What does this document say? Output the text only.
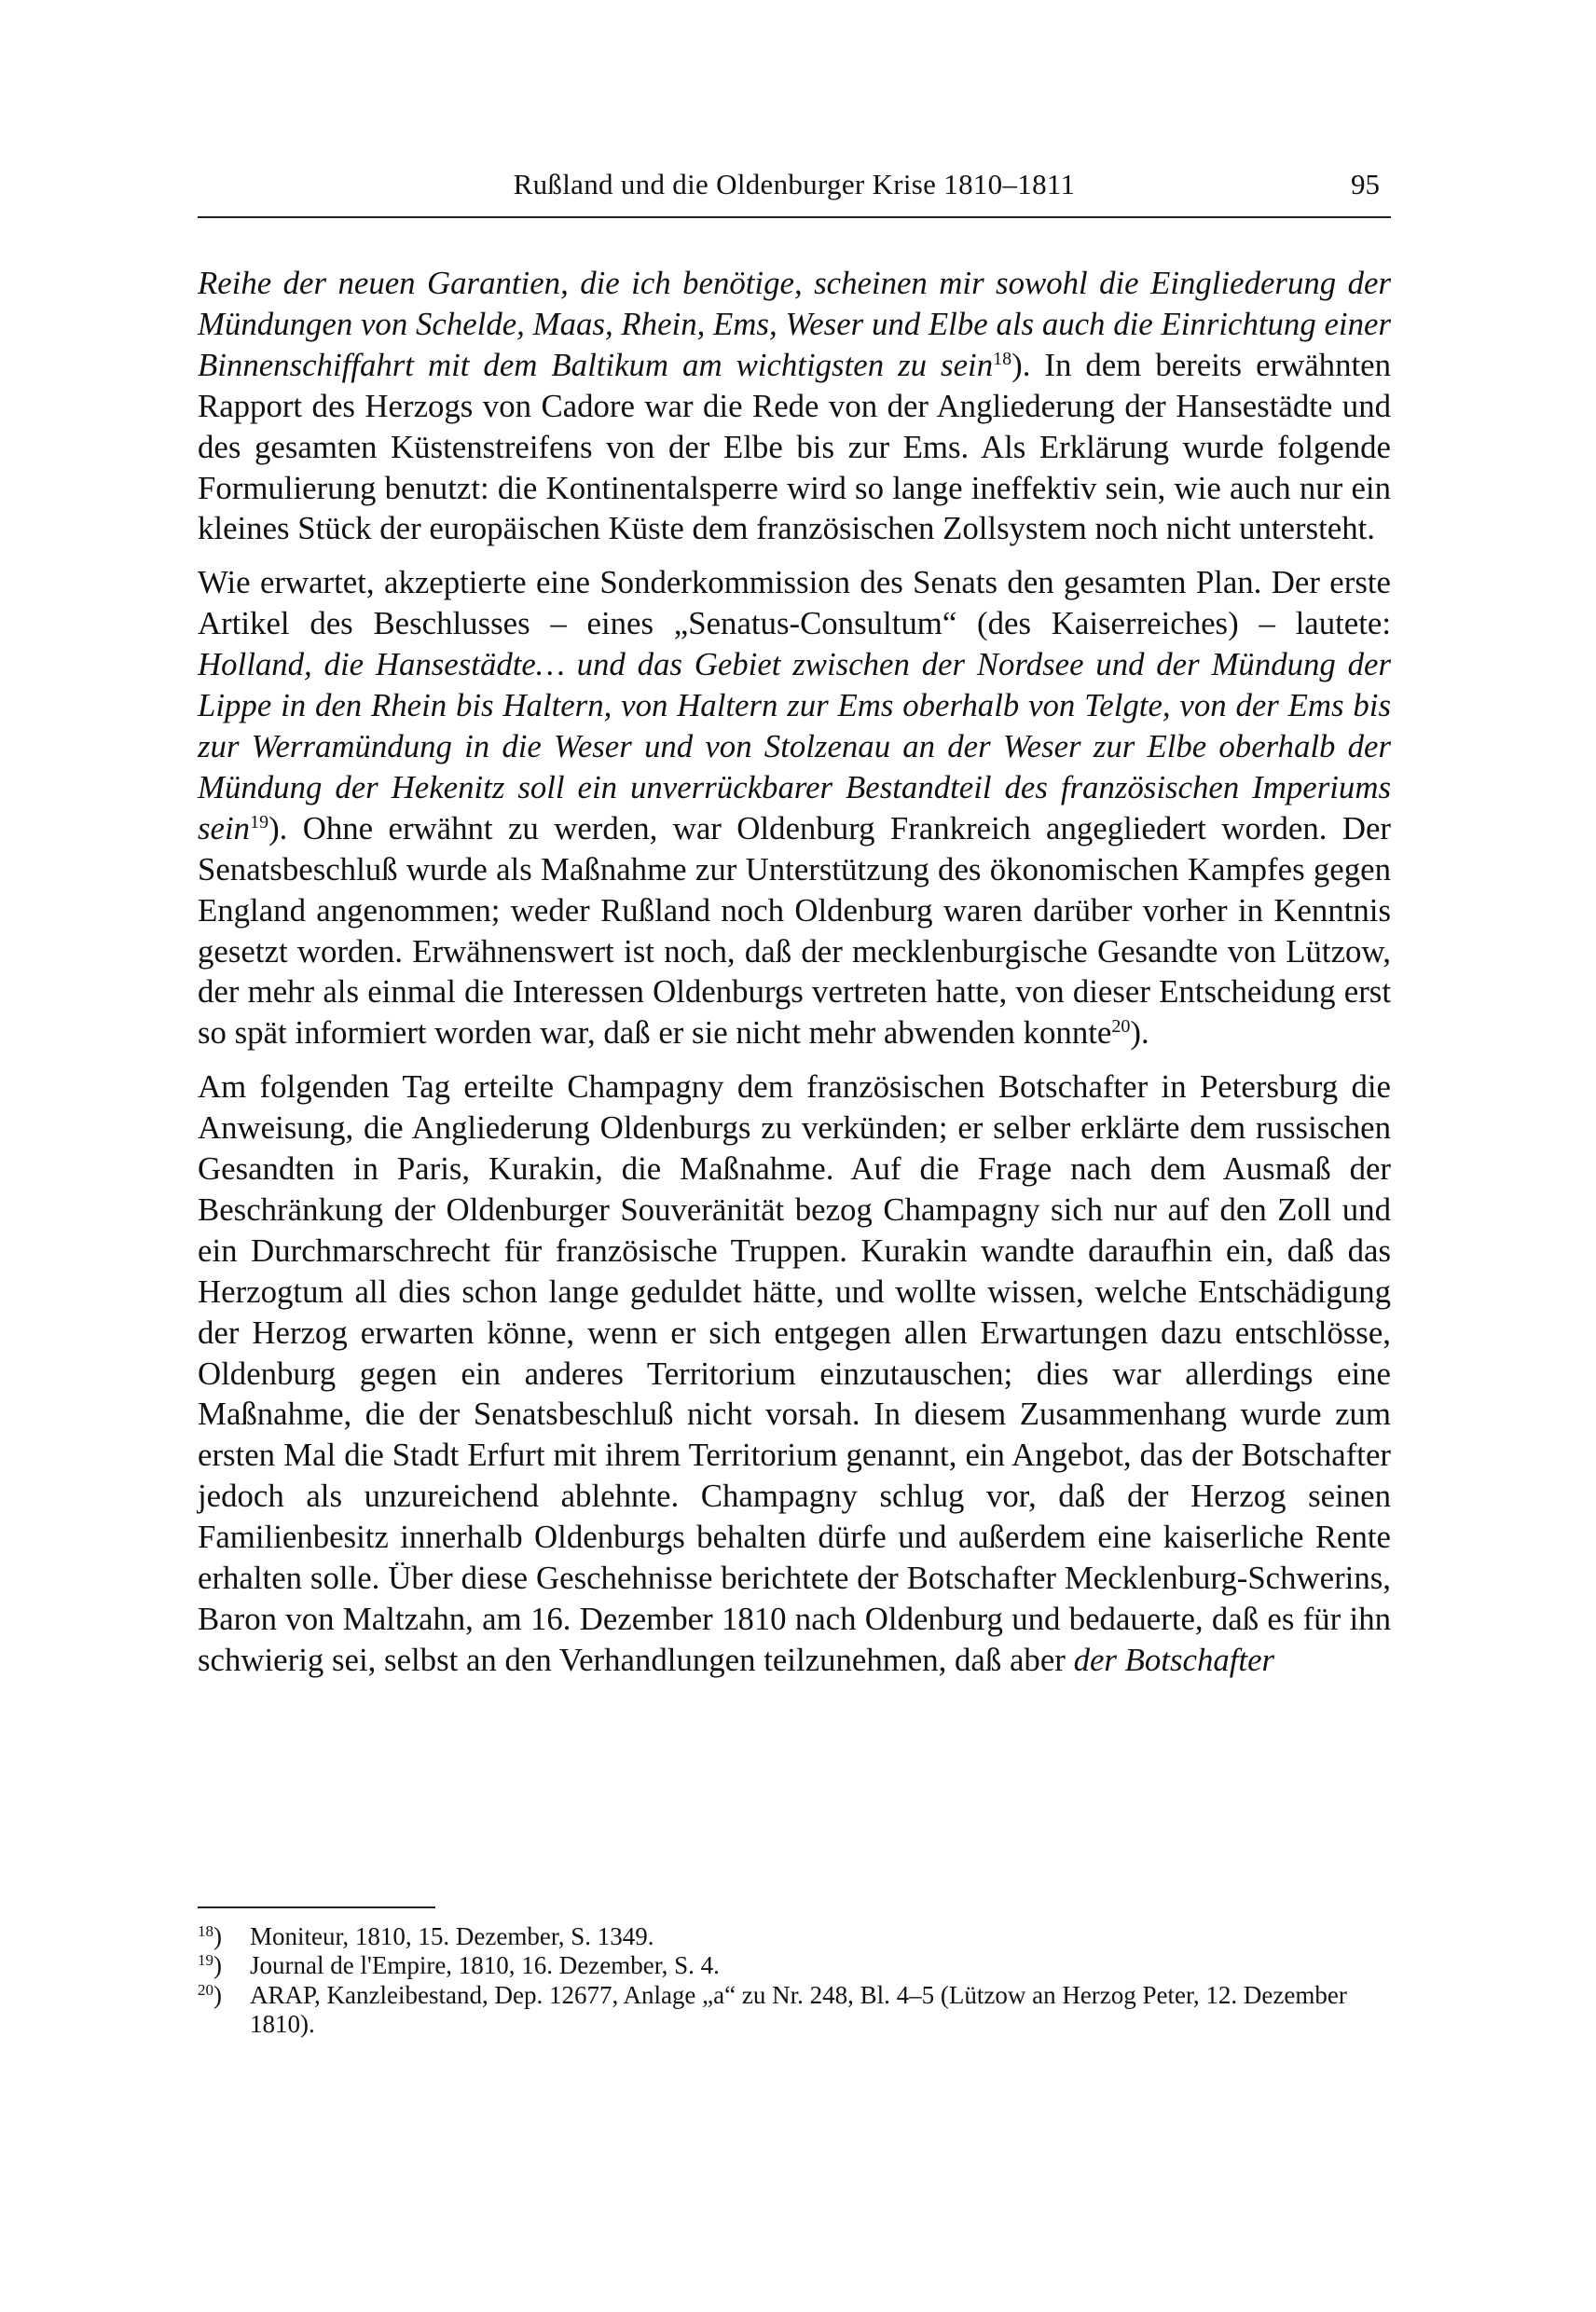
Rußland und die Oldenburger Krise 1810–1811	95

Reihe der neuen Garantien, die ich benötige, scheinen mir sowohl die Eingliederung der Mündungen von Schelde, Maas, Rhein, Ems, Weser und Elbe als auch die Einrichtung einer Binnenschiffahrt mit dem Baltikum am wichtigsten zu sein$^{18}$). In dem bereits erwähnten Rapport des Herzogs von Cadore war die Rede von der Angliederung der Hansestädte und des gesamten Küstenstreifens von der Elbe bis zur Ems. Als Erklärung wurde folgende Formulierung benutzt: die Kontinentalsperre wird so lange ineffektiv sein, wie auch nur ein kleines Stück der europäischen Küste dem französischen Zollsystem noch nicht untersteht.

Wie erwartet, akzeptierte eine Sonderkommission des Senats den gesamten Plan. Der erste Artikel des Beschlusses – eines „Senatus-Consultum“ (des Kaiserreiches) – lautete: Holland, die Hansestädte… und das Gebiet zwischen der Nordsee und der Mündung der Lippe in den Rhein bis Haltern, von Haltern zur Ems oberhalb von Telgte, von der Ems bis zur Werramündung in die Weser und von Stolzenau an der Weser zur Elbe oberhalb der Mündung der Hekenitz soll ein unverrückbarer Bestandteil des französischen Imperiums sein$^{19}$). Ohne erwähnt zu werden, war Oldenburg Frankreich angegliedert worden. Der Senatsbeschluß wurde als Maßnahme zur Unterstützung des ökonomischen Kampfes gegen England angenommen; weder Rußland noch Oldenburg waren darüber vorher in Kenntnis gesetzt worden. Erwähnenswert ist noch, daß der mecklenburgische Gesandte von Lützow, der mehr als einmal die Interessen Oldenburgs vertreten hatte, von dieser Entscheidung erst so spät informiert worden war, daß er sie nicht mehr abwenden konnte$^{20}$).

Am folgenden Tag erteilte Champagny dem französischen Botschafter in Petersburg die Anweisung, die Angliederung Oldenburgs zu verkünden; er selber erklärte dem russischen Gesandten in Paris, Kurakin, die Maßnahme. Auf die Frage nach dem Ausmaß der Beschränkung der Oldenburger Souveränität bezog Champagny sich nur auf den Zoll und ein Durchmarschrecht für französische Truppen. Kurakin wandte daraufhin ein, daß das Herzogtum all dies schon lange geduldet hätte, und wollte wissen, welche Entschädigung der Herzog erwarten könne, wenn er sich entgegen allen Erwartungen dazu entschlösse, Oldenburg gegen ein anderes Territorium einzutauschen; dies war allerdings eine Maßnahme, die der Senatsbeschluß nicht vorsah. In diesem Zusammenhang wurde zum ersten Mal die Stadt Erfurt mit ihrem Territorium genannt, ein Angebot, das der Botschafter jedoch als unzureichend ablehnte. Champagny schlug vor, daß der Herzog seinen Familienbesitz innerhalb Oldenburgs behalten dürfe und außerdem eine kaiserliche Rente erhalten solle. Über diese Geschehnisse berichtete der Botschafter Mecklenburg-Schwerins, Baron von Maltzahn, am 16. Dezember 1810 nach Oldenburg und bedauerte, daß es für ihn schwierig sei, selbst an den Verhandlungen teilzunehmen, daß aber der Botschafter

$^{18}$)	Moniteur, 1810, 15. Dezember, S. 1349.

$^{19}$)	Journal de l'Empire, 1810, 16. Dezember, S. 4.

$^{20}$)	ARAP, Kanzleibestand, Dep. 12677, Anlage „a“ zu Nr. 248, Bl. 4–5 (Lützow an Herzog Peter, 12. Dezember 1810).
